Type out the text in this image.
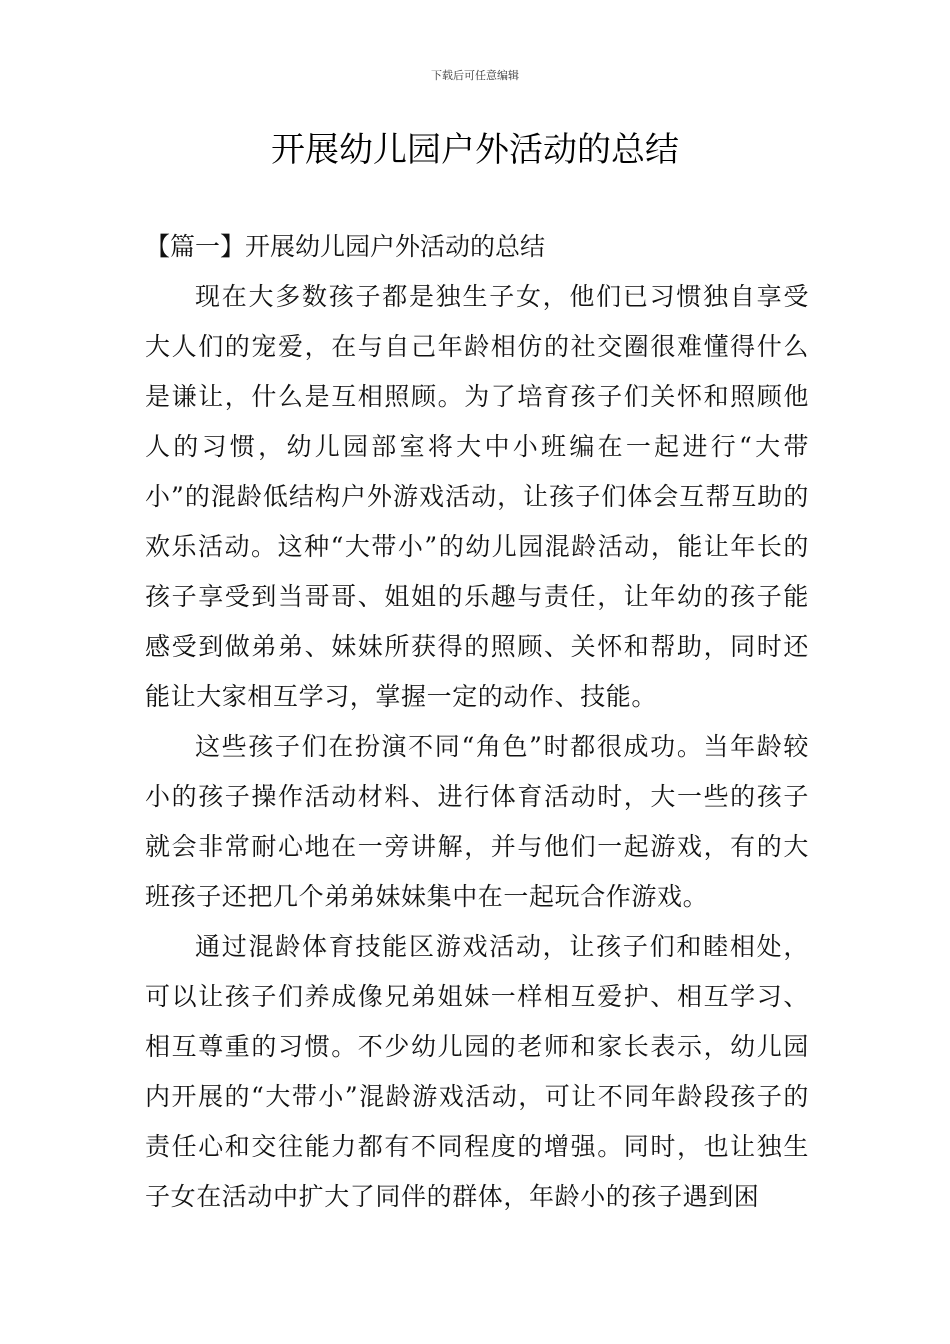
下载后可任意编辑
开展幼儿园户外活动的总结
【篇一】开展幼儿园户外活动的总结

现在大多数孩子都是独生子女，他们已习惯独自享受大人们的宠爱，在与自己年龄相仿的社交圈很难懂得什么是谦让，什么是互相照顾。为了培育孩子们关怀和照顾他人的习惯，幼儿园部室将大中小班编在一起进行“大带小”的混龄低结构户外游戏活动，让孩子们体会互帮互助的欢乐活动。这种“大带小”的幼儿园混龄活动，能让年长的孩子享受到当哥哥、姐姐的乐趣与责任，让年幼的孩子能感受到做弟弟、妹妹所获得的照顾、关怀和帮助，同时还能让大家相互学习，掌握一定的动作、技能。

这些孩子们在扮演不同“角色”时都很成功。当年龄较小的孩子操作活动材料、进行体育活动时，大一些的孩子就会非常耐心地在一旁讲解，并与他们一起游戏，有的大班孩子还把几个弟弟妹妹集中在一起玩合作游戏。

通过混龄体育技能区游戏活动，让孩子们和睦相处，可以让孩子们养成像兄弟姐妹一样相互爱护、相互学习、相互尊重的习惯。不少幼儿园的老师和家长表示，幼儿园内开展的“大带小”混龄游戏活动，可让不同年龄段孩子的责任心和交往能力都有不同程度的增强。同时，也让独生子女在活动中扩大了同伴的群体，年龄小的孩子遇到困
